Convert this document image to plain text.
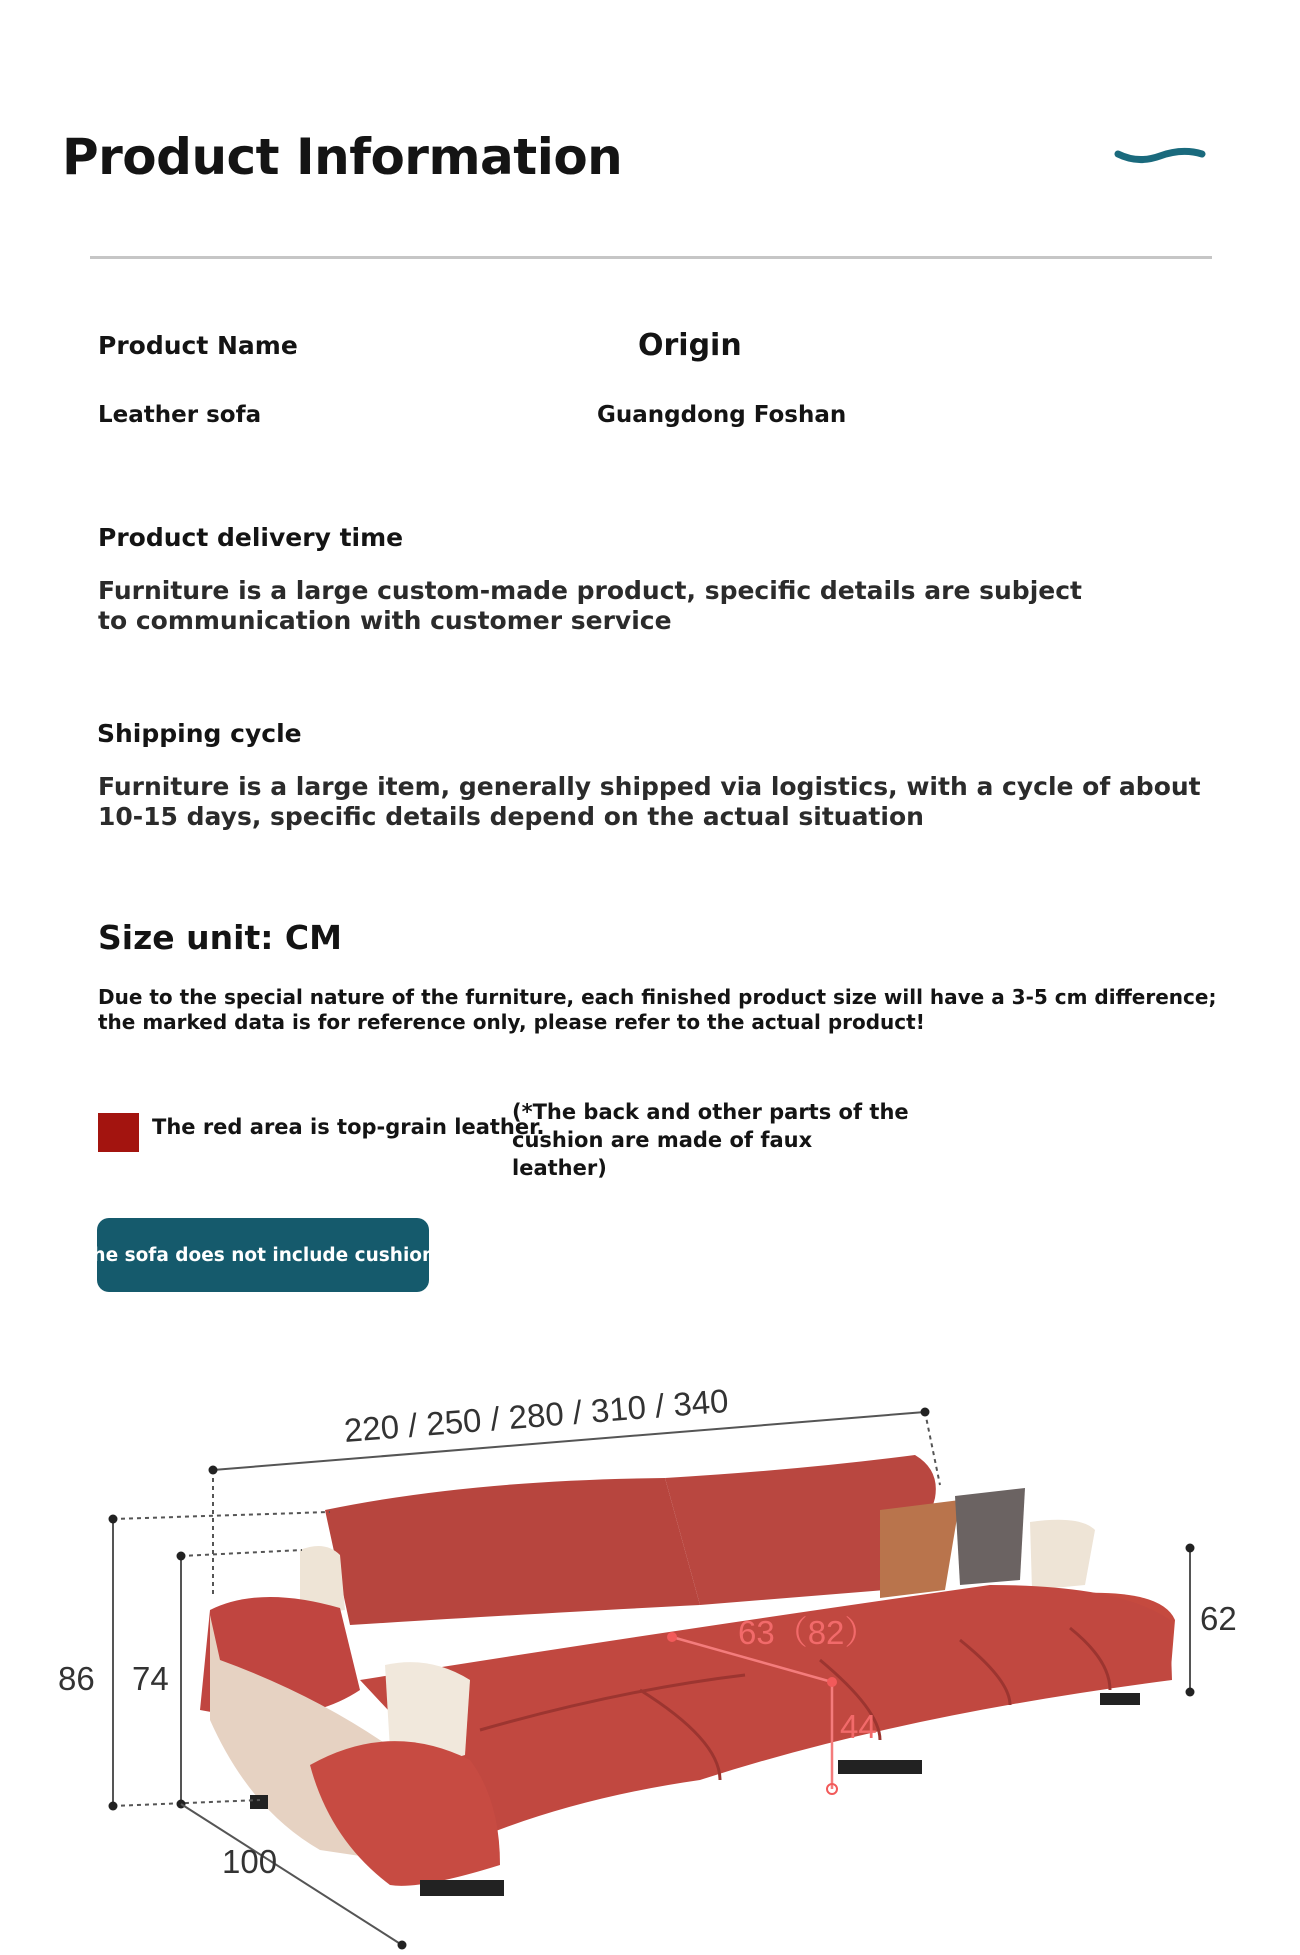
Product Information
Product Name
Leather sofa
Origin
Guangdong Foshan
Product delivery time
Furniture is a large custom-made product, specific details are subject to communication with customer service
Shipping cycle
Furniture is a large item, generally shipped via logistics, with a cycle of about 10-15 days, specific details depend on the actual situation
Size unit: CM
Due to the special nature of the furniture, each finished product size will have a 3-5 cm difference; the marked data is for reference only, please refer to the actual product!
The red area is top-grain leather.
(*The back and other parts of the cushion are made of faux leather)
The sofa does not include cushions
220 / 250 / 280 / 310 / 340
86 74
100
63（82）
44
62
